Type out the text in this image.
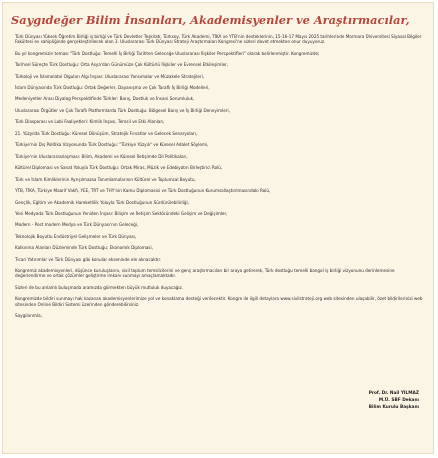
Saygıdeğer Bilim İnsanları, Akademisyenler ve Araştırmacılar,

Türk Dünyası Yüksek Öğretim Birliği iş birliği ve Türk Devletler Teşkilatı, Türksoy, Türk Akademi, TİKA ve YTB'nin desteklerinin, 15-16-17 Mayıs 2025 tarihlerinde Marmara Üniversitesi Siyasal Bilgiler Fakültesi ev sahipliğinde gerçekleştirilecek olan 3. Uluslararası Türk Dünyası Strateji Araştırmaları Kongresi'ne sizleri davet etmekten onur duyuyoruz.

Bu yıl kongremizin teması "Türk Dostluğu: Temelli İş Birliği Tarihten Geleceğe Uluslararası İlişkiler Perspektifleri" olarak belirlenmiştir. Kongremizde;

Tarihsel Süreçte Türk Dostluğu: Orta Asya'dan Günümüze Çok Kültürlü İlişkiler ve Evrensel Etkileşimler,

Türkoloji ve İslamolatol Olguları Algı İnşası: Uluslararası Yansımalar ve Müzakele Stratejileri,

İslam Dünyasında Türk Dostluğu: Ortak Değerler, Dayanışma ve Çok Taraflı İş Birliği Modelleri,

Medeniyetler Arası Diyalog Perspektifinde Türkler: Barış, Dostluk ve İnsani Sorumluluk,

Uluslararası Örgütler ve Çok Taraflı Platformlarda Türk Dostluğu: Bölgesel Barış ve İş Birliği Deneyimleri,

Türk Diasporası ve Lobi Faaliyetleri: Kimlik İnşası, Temsil ve Etki Alanları,

21. Yüzyılda Türk Dostluğu: Küresel Dönüşüm, Stratejik Fırsatlar ve Gelecek Senaryoları,

Türkiye'nin Dış Politika Vizyonunda Türk Dostluğu: "Türkiye Yüzyılı" ve Küresel Adalet Söylemi,

Türkiye'nin Uluslararasılaşması: Bilim, Akademi ve Küresel İletişimde Dil Politikaları,

Kültürel Diplomasi ve Sanat Yoluyla Türk Dostluğu: Ortak Miras, Müzik ve Edebiyatın Birleştirici Rolü,

Türk ve İslam Kimliklerinin Ayrışılmazsa Tanımlamalarının Kültürel ve Toplumsal Boyutu,

YTB, TİKA, Türkiye Maarif Vakfı, YEE, TRT ve THY'nin Kamu Diplomasisi ve Türk Dostluğunun Kurumsallaştırılmasındaki Rolü,

Gençlik, Eğitim ve Akademik Hareketlilik Yoluyla Türk Dostluğunun Sürdürülebilirliği,

Yeni Medyada Türk Dostluğunun Yeniden İnşası: Bilişim ve İletişim Sektöründeki Gelişim ve Değişimler,

Modern - Post modern Medya ve Türk Dünyası'nın Geleceği,

Teknolojik Boyutlu Endüstriyel Gelişmeler ve Türk Dünyası,

Kalkınma Alanları Düzleminde Türk Dostluğu: Ekonomik Diplomasi,

Ticari Yatırımlar ve Türk Dünyası gibi konular ekseninde ele alınacaktır.

Kongremiz akademisyenleri, düşünce kuruluşlarını, sivil toplum temsilcilerini ve genç araştırmacıları bir araya getirerek, Türk dostluğu temelli bangol iş birliği vizyonunu derinlemesine değerlendirme ve ortak çözümler geliştirme imkanı sunmayı amaçlamaktadır.

Sizleri de bu anlamlı buluşmada aramızda görmekten büyük mutluluk duyacağız.

Kongremizde bildiri sunmayı hak kazanan akademisyenlerimize yol ve konaklama desteği verilecektir. Kongre ile ilgili detaylara www.sivilstrateji.org web sitesinden ulaşabilir, özet bildirilerinizi web sitesinden Online Bildiri Sistemi üzerinden gönderebilirsiniz.

Saygılarımla,

Prof. Dr. Nail YILMAZ
M.Ü. SBF Dekanı
Bilim Kurulu Başkanı
